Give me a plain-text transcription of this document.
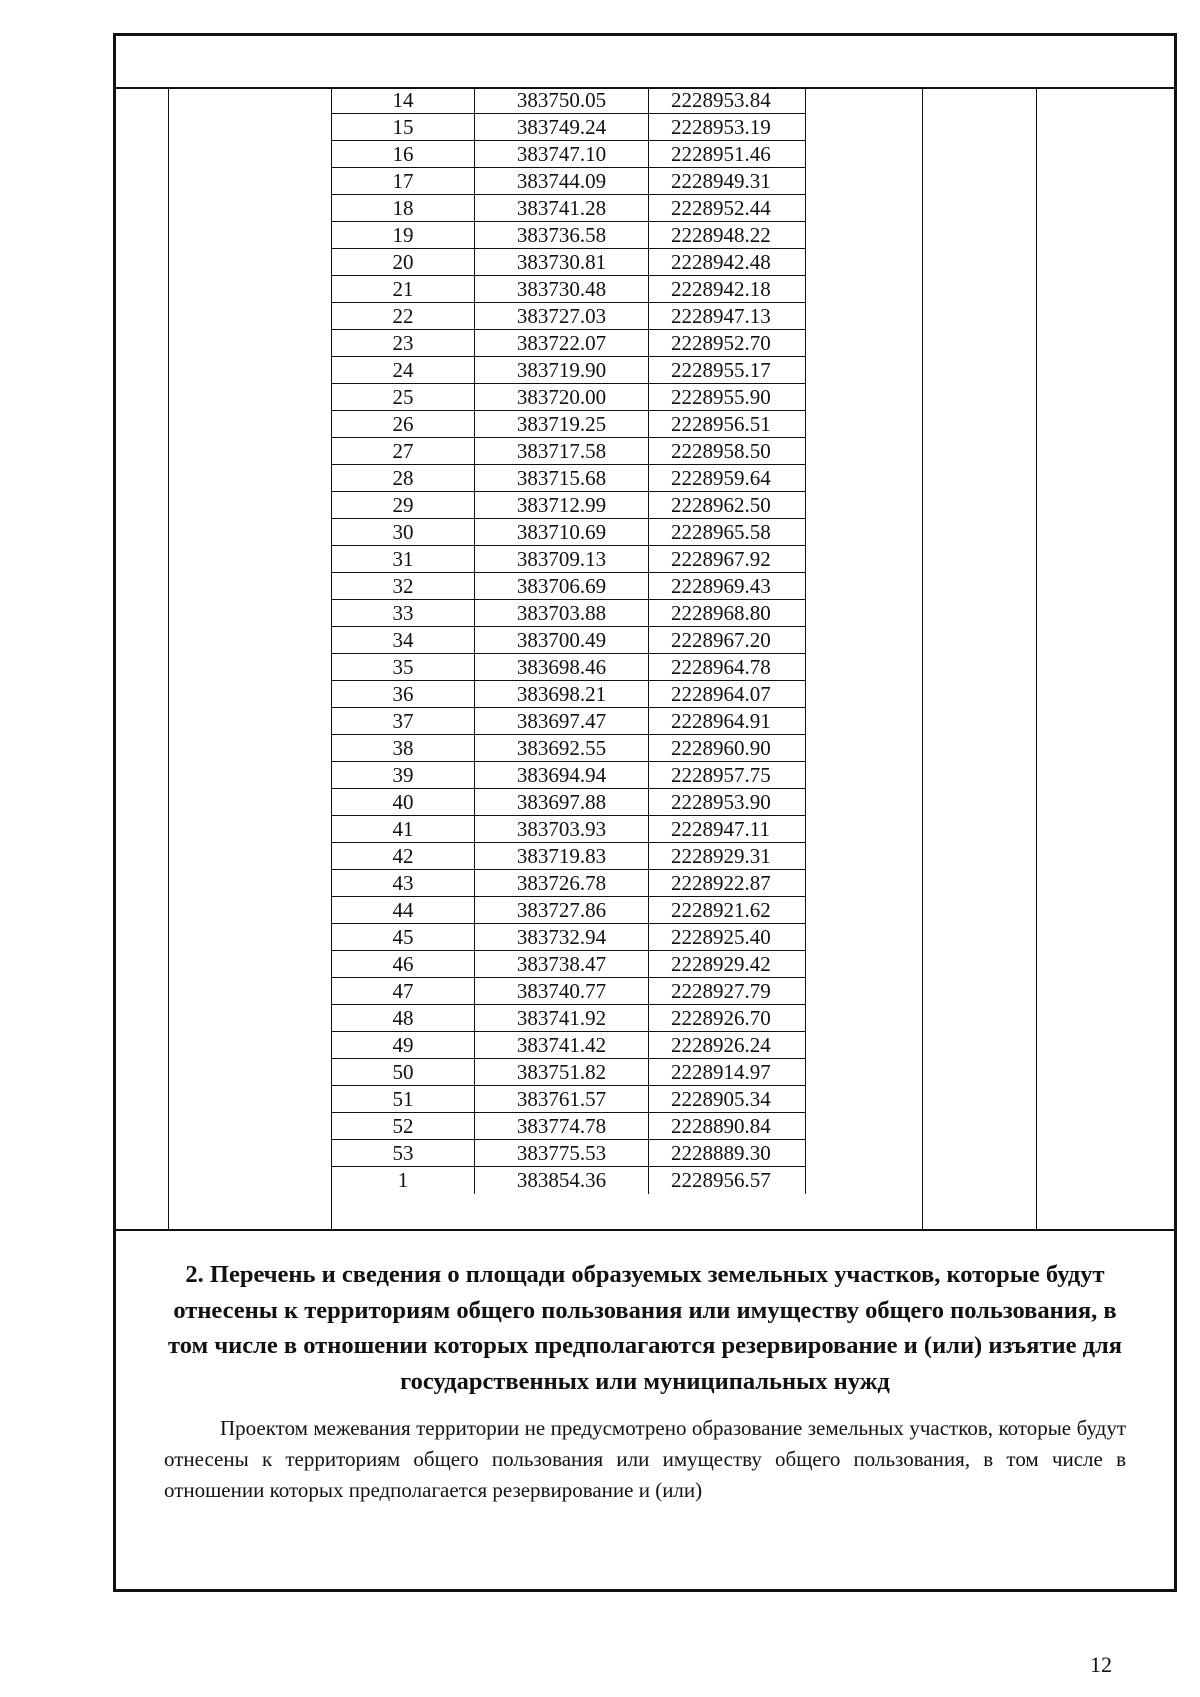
14	383750.05	2228953.84
15	383749.24	2228953.19
16	383747.10	2228951.46
17	383744.09	2228949.31
18	383741.28	2228952.44
19	383736.58	2228948.22
20	383730.81	2228942.48
21	383730.48	2228942.18
22	383727.03	2228947.13
23	383722.07	2228952.70
24	383719.90	2228955.17
25	383720.00	2228955.90
26	383719.25	2228956.51
27	383717.58	2228958.50
28	383715.68	2228959.64
29	383712.99	2228962.50
30	383710.69	2228965.58
31	383709.13	2228967.92
32	383706.69	2228969.43
33	383703.88	2228968.80
34	383700.49	2228967.20
35	383698.46	2228964.78
36	383698.21	2228964.07
37	383697.47	2228964.91
38	383692.55	2228960.90
39	383694.94	2228957.75
40	383697.88	2228953.90
41	383703.93	2228947.11
42	383719.83	2228929.31
43	383726.78	2228922.87
44	383727.86	2228921.62
45	383732.94	2228925.40
46	383738.47	2228929.42
47	383740.77	2228927.79
48	383741.92	2228926.70
49	383741.42	2228926.24
50	383751.82	2228914.97
51	383761.57	2228905.34
52	383774.78	2228890.84
53	383775.53	2228889.30
1	383854.36	2228956.57
2. Перечень и сведения о площади образуемых земельных участков, которые будут отнесены к территориям общего пользования или имуществу общего пользования, в том числе в отношении которых предполагаются резервирование и (или) изъятие для государственных или муниципальных нужд
Проектом межевания территории не предусмотрено образование земельных участков, которые будут отнесены к территориям общего пользования или имуществу общего пользования, в том числе в отношении которых предполагается резервирование и (или)
12
